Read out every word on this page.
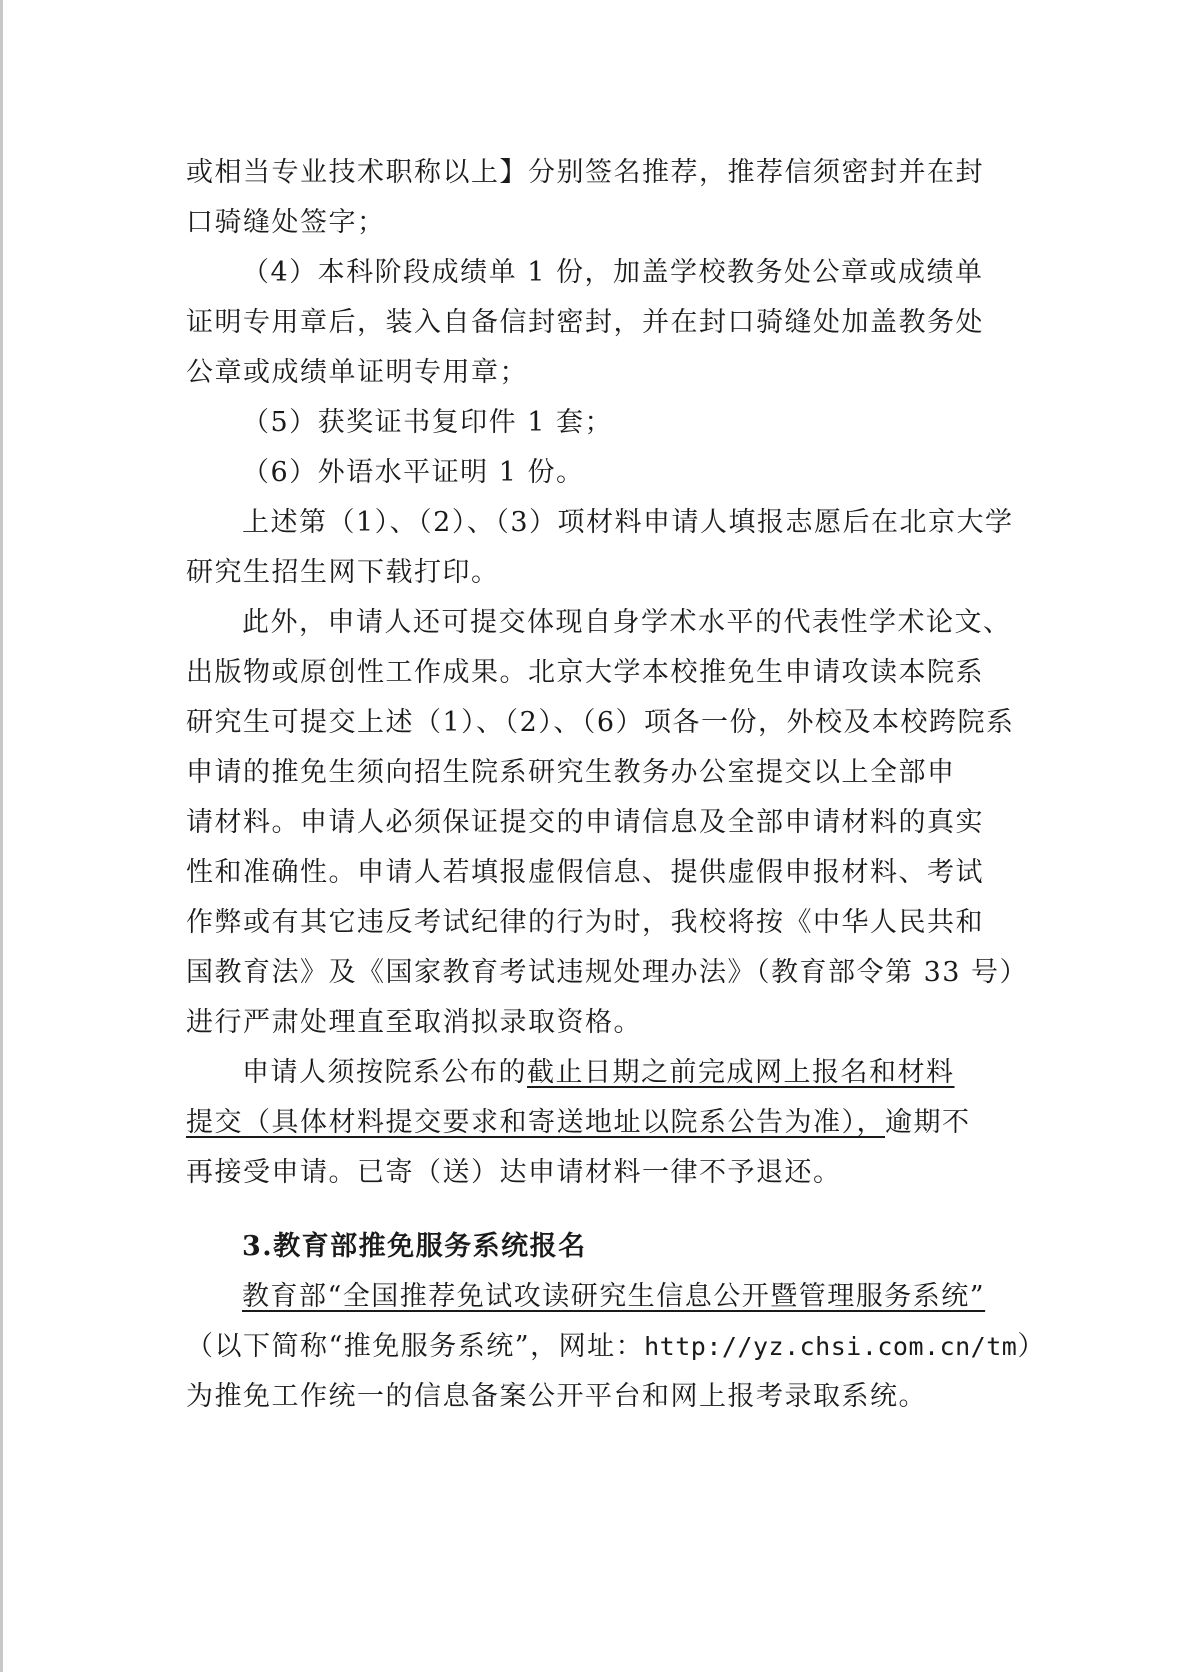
或相当专业技术职称以上】分别签名推荐，推荐信须密封并在封
口骑缝处签字；
（4）本科阶段成绩单 1 份，加盖学校教务处公章或成绩单
证明专用章后，装入自备信封密封，并在封口骑缝处加盖教务处
公章或成绩单证明专用章；
（5）获奖证书复印件 1 套；
（6）外语水平证明 1 份。
上述第（1）、（2）、（3）项材料申请人填报志愿后在北京大学
研究生招生网下载打印。
此外，申请人还可提交体现自身学术水平的代表性学术论文、
出版物或原创性工作成果。北京大学本校推免生申请攻读本院系
研究生可提交上述（1）、（2）、（6）项各一份，外校及本校跨院系
申请的推免生须向招生院系研究生教务办公室提交以上全部申
请材料。申请人必须保证提交的申请信息及全部申请材料的真实
性和准确性。申请人若填报虚假信息、提供虚假申报材料、考试
作弊或有其它违反考试纪律的行为时，我校将按《中华人民共和
国教育法》及《国家教育考试违规处理办法》（教育部令第 33 号）
进行严肃处理直至取消拟录取资格。
申请人须按院系公布的截止日期之前完成网上报名和材料
提交（具体材料提交要求和寄送地址以院系公告为准），逾期不
再接受申请。已寄（送）达申请材料一律不予退还。
3.教育部推免服务系统报名
教育部“全国推荐免试攻读研究生信息公开暨管理服务系统”
（以下简称“推免服务系统”，网址：http://yz.chsi.com.cn/tm）
为推免工作统一的信息备案公开平台和网上报考录取系统。
